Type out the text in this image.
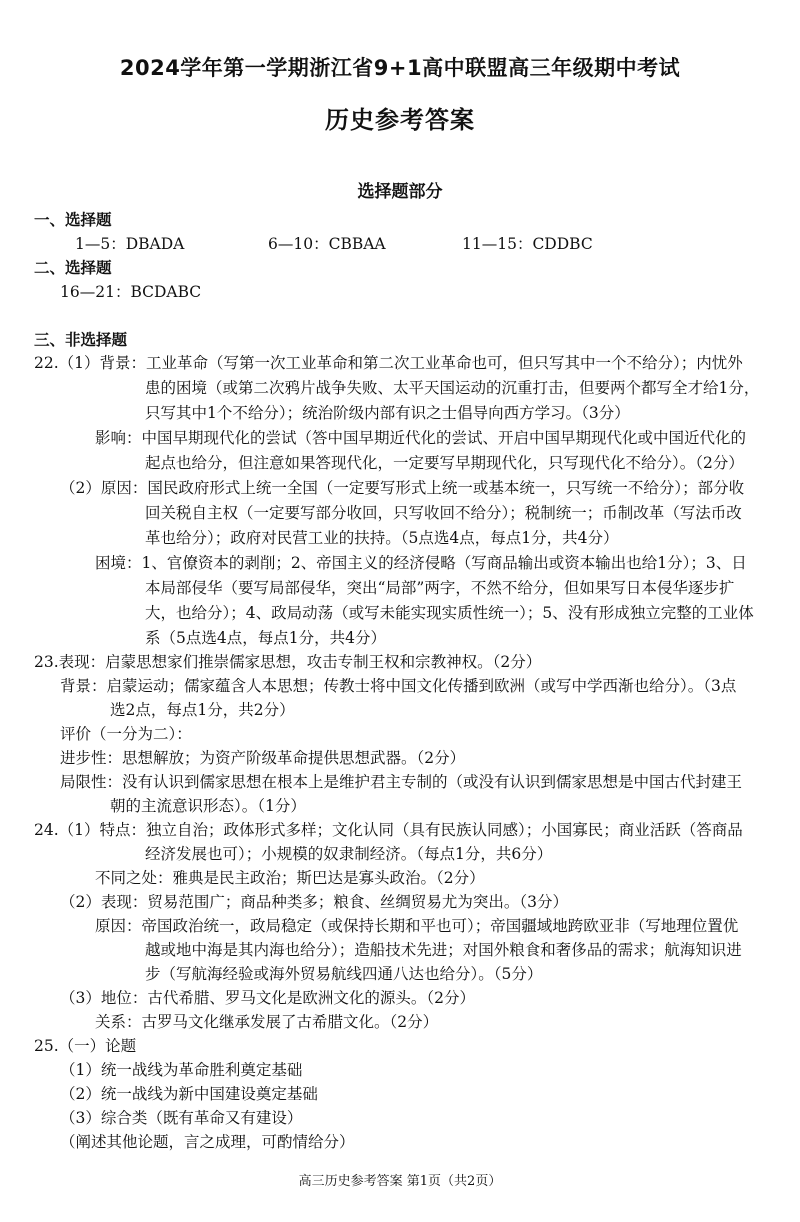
2024学年第一学期浙江省9+1高中联盟高三年级期中考试
历史参考答案
选择题部分
一、选择题
1—5：DBADA	6—10：CBBAA	11—15：CDDBC
二、选择题
16—21：BCDABC
三、非选择题
22.（1）背景：工业革命（写第一次工业革命和第二次工业革命也可，但只写其中一个不给分）；内忧外
患的困境（或第二次鸦片战争失败、太平天国运动的沉重打击，但要两个都写全才给1分，
只写其中1个不给分）；统治阶级内部有识之士倡导向西方学习。（3分）
影响：中国早期现代化的尝试（答中国早期近代化的尝试、开启中国早期现代化或中国近代化的
起点也给分，但注意如果答现代化，一定要写早期现代化，只写现代化不给分）。（2分）
（2）原因：国民政府形式上统一全国（一定要写形式上统一或基本统一，只写统一不给分）；部分收
回关税自主权（一定要写部分收回，只写收回不给分）；税制统一；币制改革（写法币改
革也给分）；政府对民营工业的扶持。（5点选4点，每点1分，共4分）
困境：1、官僚资本的剥削；2、帝国主义的经济侵略（写商品输出或资本输出也给1分）；3、日
本局部侵华（要写局部侵华，突出“局部”两字，不然不给分，但如果写日本侵华逐步扩
大，也给分）；4、政局动荡（或写未能实现实质性统一）；5、没有形成独立完整的工业体
系（5点选4点，每点1分，共4分）
23.表现：启蒙思想家们推崇儒家思想，攻击专制王权和宗教神权。（2分）
背景：启蒙运动；儒家蕴含人本思想；传教士将中国文化传播到欧洲（或写中学西渐也给分）。（3点
选2点，每点1分，共2分）
评价（一分为二）：
进步性：思想解放；为资产阶级革命提供思想武器。（2分）
局限性：没有认识到儒家思想在根本上是维护君主专制的（或没有认识到儒家思想是中国古代封建王
朝的主流意识形态）。（1分）
24.（1）特点：独立自治；政体形式多样；文化认同（具有民族认同感）；小国寡民；商业活跃（答商品
经济发展也可）；小规模的奴隶制经济。（每点1分，共6分）
不同之处：雅典是民主政治；斯巴达是寡头政治。（2分）
（2）表现：贸易范围广；商品种类多；粮食、丝绸贸易尤为突出。（3分）
原因：帝国政治统一，政局稳定（或保持长期和平也可）；帝国疆域地跨欧亚非（写地理位置优
越或地中海是其内海也给分）；造船技术先进；对国外粮食和奢侈品的需求；航海知识进
步（写航海经验或海外贸易航线四通八达也给分）。（5分）
（3）地位：古代希腊、罗马文化是欧洲文化的源头。（2分）
关系：古罗马文化继承发展了古希腊文化。（2分）
25.（一）论题
（1）统一战线为革命胜利奠定基础
（2）统一战线为新中国建设奠定基础
（3）综合类（既有革命又有建设）
（阐述其他论题，言之成理，可酌情给分）
高三历史参考答案 第1页（共2页）
